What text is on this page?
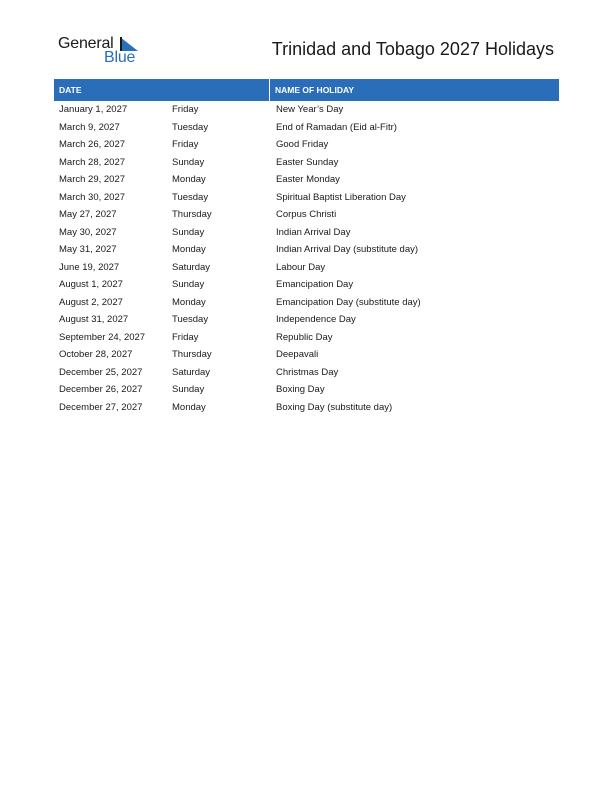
General
Blue	Trinidad and Tobago 2027 Holidays
DATE	NAME OF HOLIDAY
January 1, 2027	Friday	New Year’s Day
March 9, 2027	Tuesday	End of Ramadan (Eid al-Fitr)
March 26, 2027	Friday	Good Friday
March 28, 2027	Sunday	Easter Sunday
March 29, 2027	Monday	Easter Monday
March 30, 2027	Tuesday	Spiritual Baptist Liberation Day
May 27, 2027	Thursday	Corpus Christi
May 30, 2027	Sunday	Indian Arrival Day
May 31, 2027	Monday	Indian Arrival Day (substitute day)
June 19, 2027	Saturday	Labour Day
August 1, 2027	Sunday	Emancipation Day
August 2, 2027	Monday	Emancipation Day (substitute day)
August 31, 2027	Tuesday	Independence Day
September 24, 2027	Friday	Republic Day
October 28, 2027	Thursday	Deepavali
December 25, 2027	Saturday	Christmas Day
December 26, 2027	Sunday	Boxing Day
December 27, 2027	Monday	Boxing Day (substitute day)
